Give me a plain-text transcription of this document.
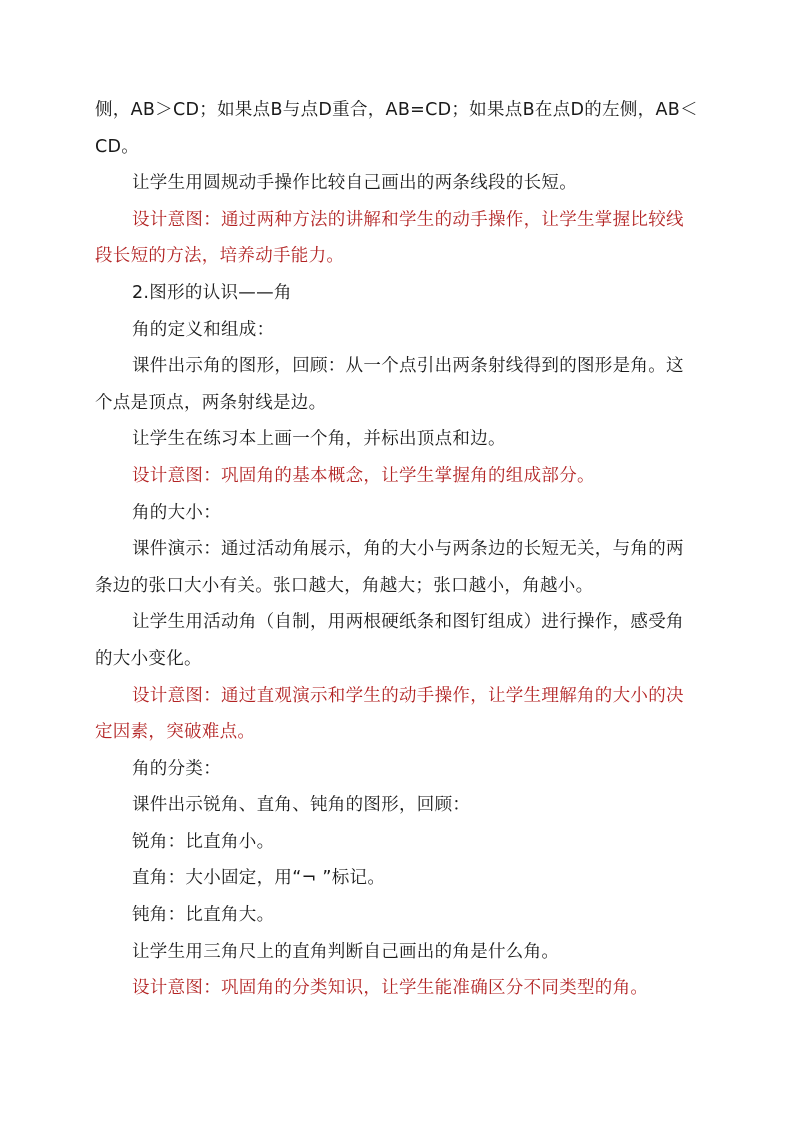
侧，AB＞CD；如果点B与点D重合，AB=CD；如果点B在点D的左侧，AB＜CD。

让学生用圆规动手操作比较自己画出的两条线段的长短。

设计意图：通过两种方法的讲解和学生的动手操作，让学生掌握比较线段长短的方法，培养动手能力。

2.图形的认识——角

角的定义和组成：

课件出示角的图形，回顾：从一个点引出两条射线得到的图形是角。这个点是顶点，两条射线是边。

让学生在练习本上画一个角，并标出顶点和边。

设计意图：巩固角的基本概念，让学生掌握角的组成部分。

角的大小：

课件演示：通过活动角展示，角的大小与两条边的长短无关，与角的两条边的张口大小有关。张口越大，角越大；张口越小，角越小。

让学生用活动角（自制，用两根硬纸条和图钉组成）进行操作，感受角的大小变化。

设计意图：通过直观演示和学生的动手操作，让学生理解角的大小的决定因素，突破难点。

角的分类：

课件出示锐角、直角、钝角的图形，回顾：

锐角：比直角小。

直角：大小固定，用“¬ ”标记。

钝角：比直角大。

让学生用三角尺上的直角判断自己画出的角是什么角。

设计意图：巩固角的分类知识，让学生能准确区分不同类型的角。
